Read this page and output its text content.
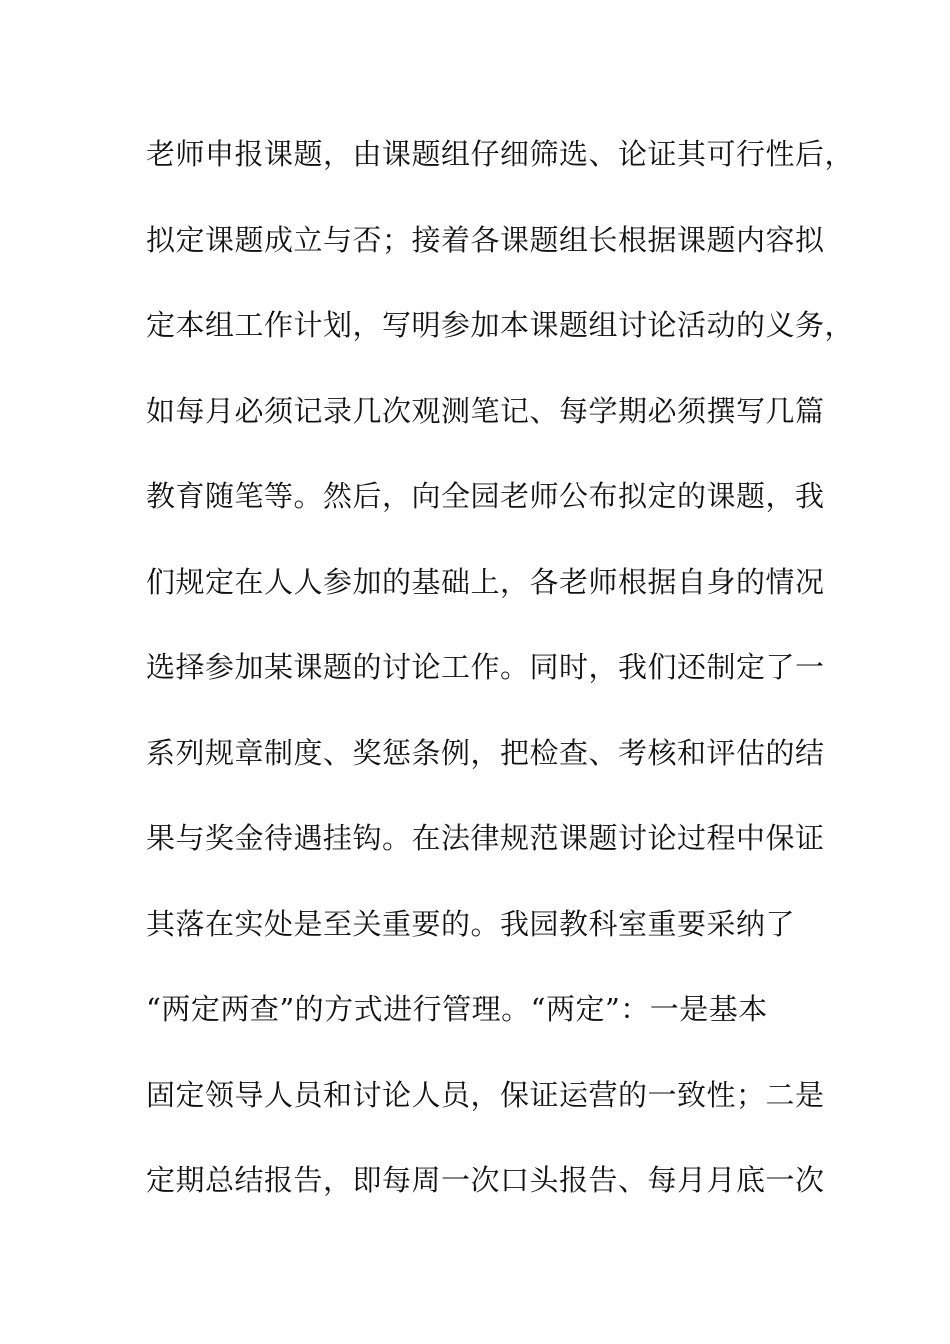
老师申报课题，由课题组仔细筛选、论证其可行性后，
拟定课题成立与否；接着各课题组长根据课题内容拟
定本组工作计划，写明参加本课题组讨论活动的义务，
如每月必须记录几次观测笔记、每学期必须撰写几篇
教育随笔等。然后，向全园老师公布拟定的课题，我
们规定在人人参加的基础上，各老师根据自身的情况
选择参加某课题的讨论工作。同时，我们还制定了一
系列规章制度、奖惩条例，把检查、考核和评估的结
果与奖金待遇挂钩。在法律规范课题讨论过程中保证
其落在实处是至关重要的。我园教科室重要采纳了
“两定两查”的方式进行管理。“两定”：一是基本
固定领导人员和讨论人员，保证运营的一致性；二是
定期总结报告，即每周一次口头报告、每月月底一次
